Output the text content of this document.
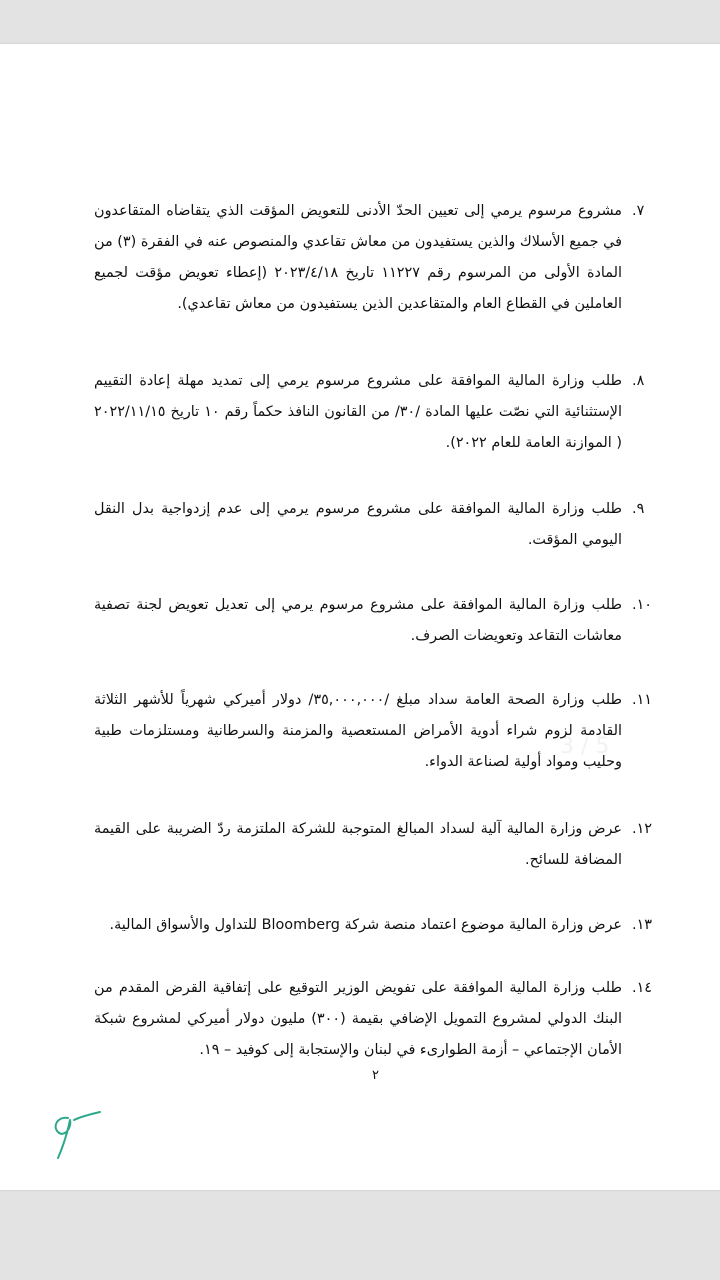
٧.
مشروع مرسوم يرمي إلى تعيين الحدّ الأدنى للتعويض المؤقت الذي يتقاضاه المتقاعدون في جميع الأسلاك والذين يستفيدون من معاش تقاعدي والمنصوص عنه في الفقرة (٣) من المادة الأولى من المرسوم رقم ١١٢٢٧ تاريخ ٢٠٢٣/٤/١٨ (إعطاء تعويض مؤقت لجميع العاملين في القطاع العام والمتقاعدين الذين يستفيدون من معاش تقاعدي).
٨.
طلب وزارة المالية الموافقة على مشروع مرسوم يرمي إلى تمديد مهلة إعادة التقييم الإستثنائية التي نصّت عليها المادة /٣٠/ من القانون النافذ حكماً رقم ١٠ تاريخ ٢٠٢٢/١١/١٥ ( الموازنة العامة للعام ٢٠٢٢).
٩.
طلب وزارة المالية الموافقة على مشروع مرسوم يرمي إلى عدم إزدواجية بدل النقل اليومي المؤقت.
١٠.
طلب وزارة المالية الموافقة على مشروع مرسوم يرمي إلى تعديل تعويض لجنة تصفية معاشات التقاعد وتعويضات الصرف.
١١.
طلب وزارة الصحة العامة سداد مبلغ /٣٥,٠٠٠,٠٠٠/ دولار أميركي شهرياً للأشهر الثلاثة القادمة لزوم شراء أدوية الأمراض المستعصية والمزمنة والسرطانية ومستلزمات طبية وحليب ومواد أولية لصناعة الدواء.
١٢.
عرض وزارة المالية آلية لسداد المبالغ المتوجبة للشركة الملتزمة ردّ الضريبة على القيمة المضافة للسائح.
١٣.
عرض وزارة المالية موضوع اعتماد منصة شركة Bloomberg للتداول والأسواق المالية.
١٤.
طلب وزارة المالية الموافقة على تفويض الوزير التوقيع على إتفاقية القرض المقدم من البنك الدولي لمشروع التمويل الإضافي بقيمة (٣٠٠) مليون دولار أميركي لمشروع شبكة الأمان الإجتماعي – أزمة الطوارىء في لبنان والإستجابة إلى كوفيد – ١٩.
3 / 5
٢
